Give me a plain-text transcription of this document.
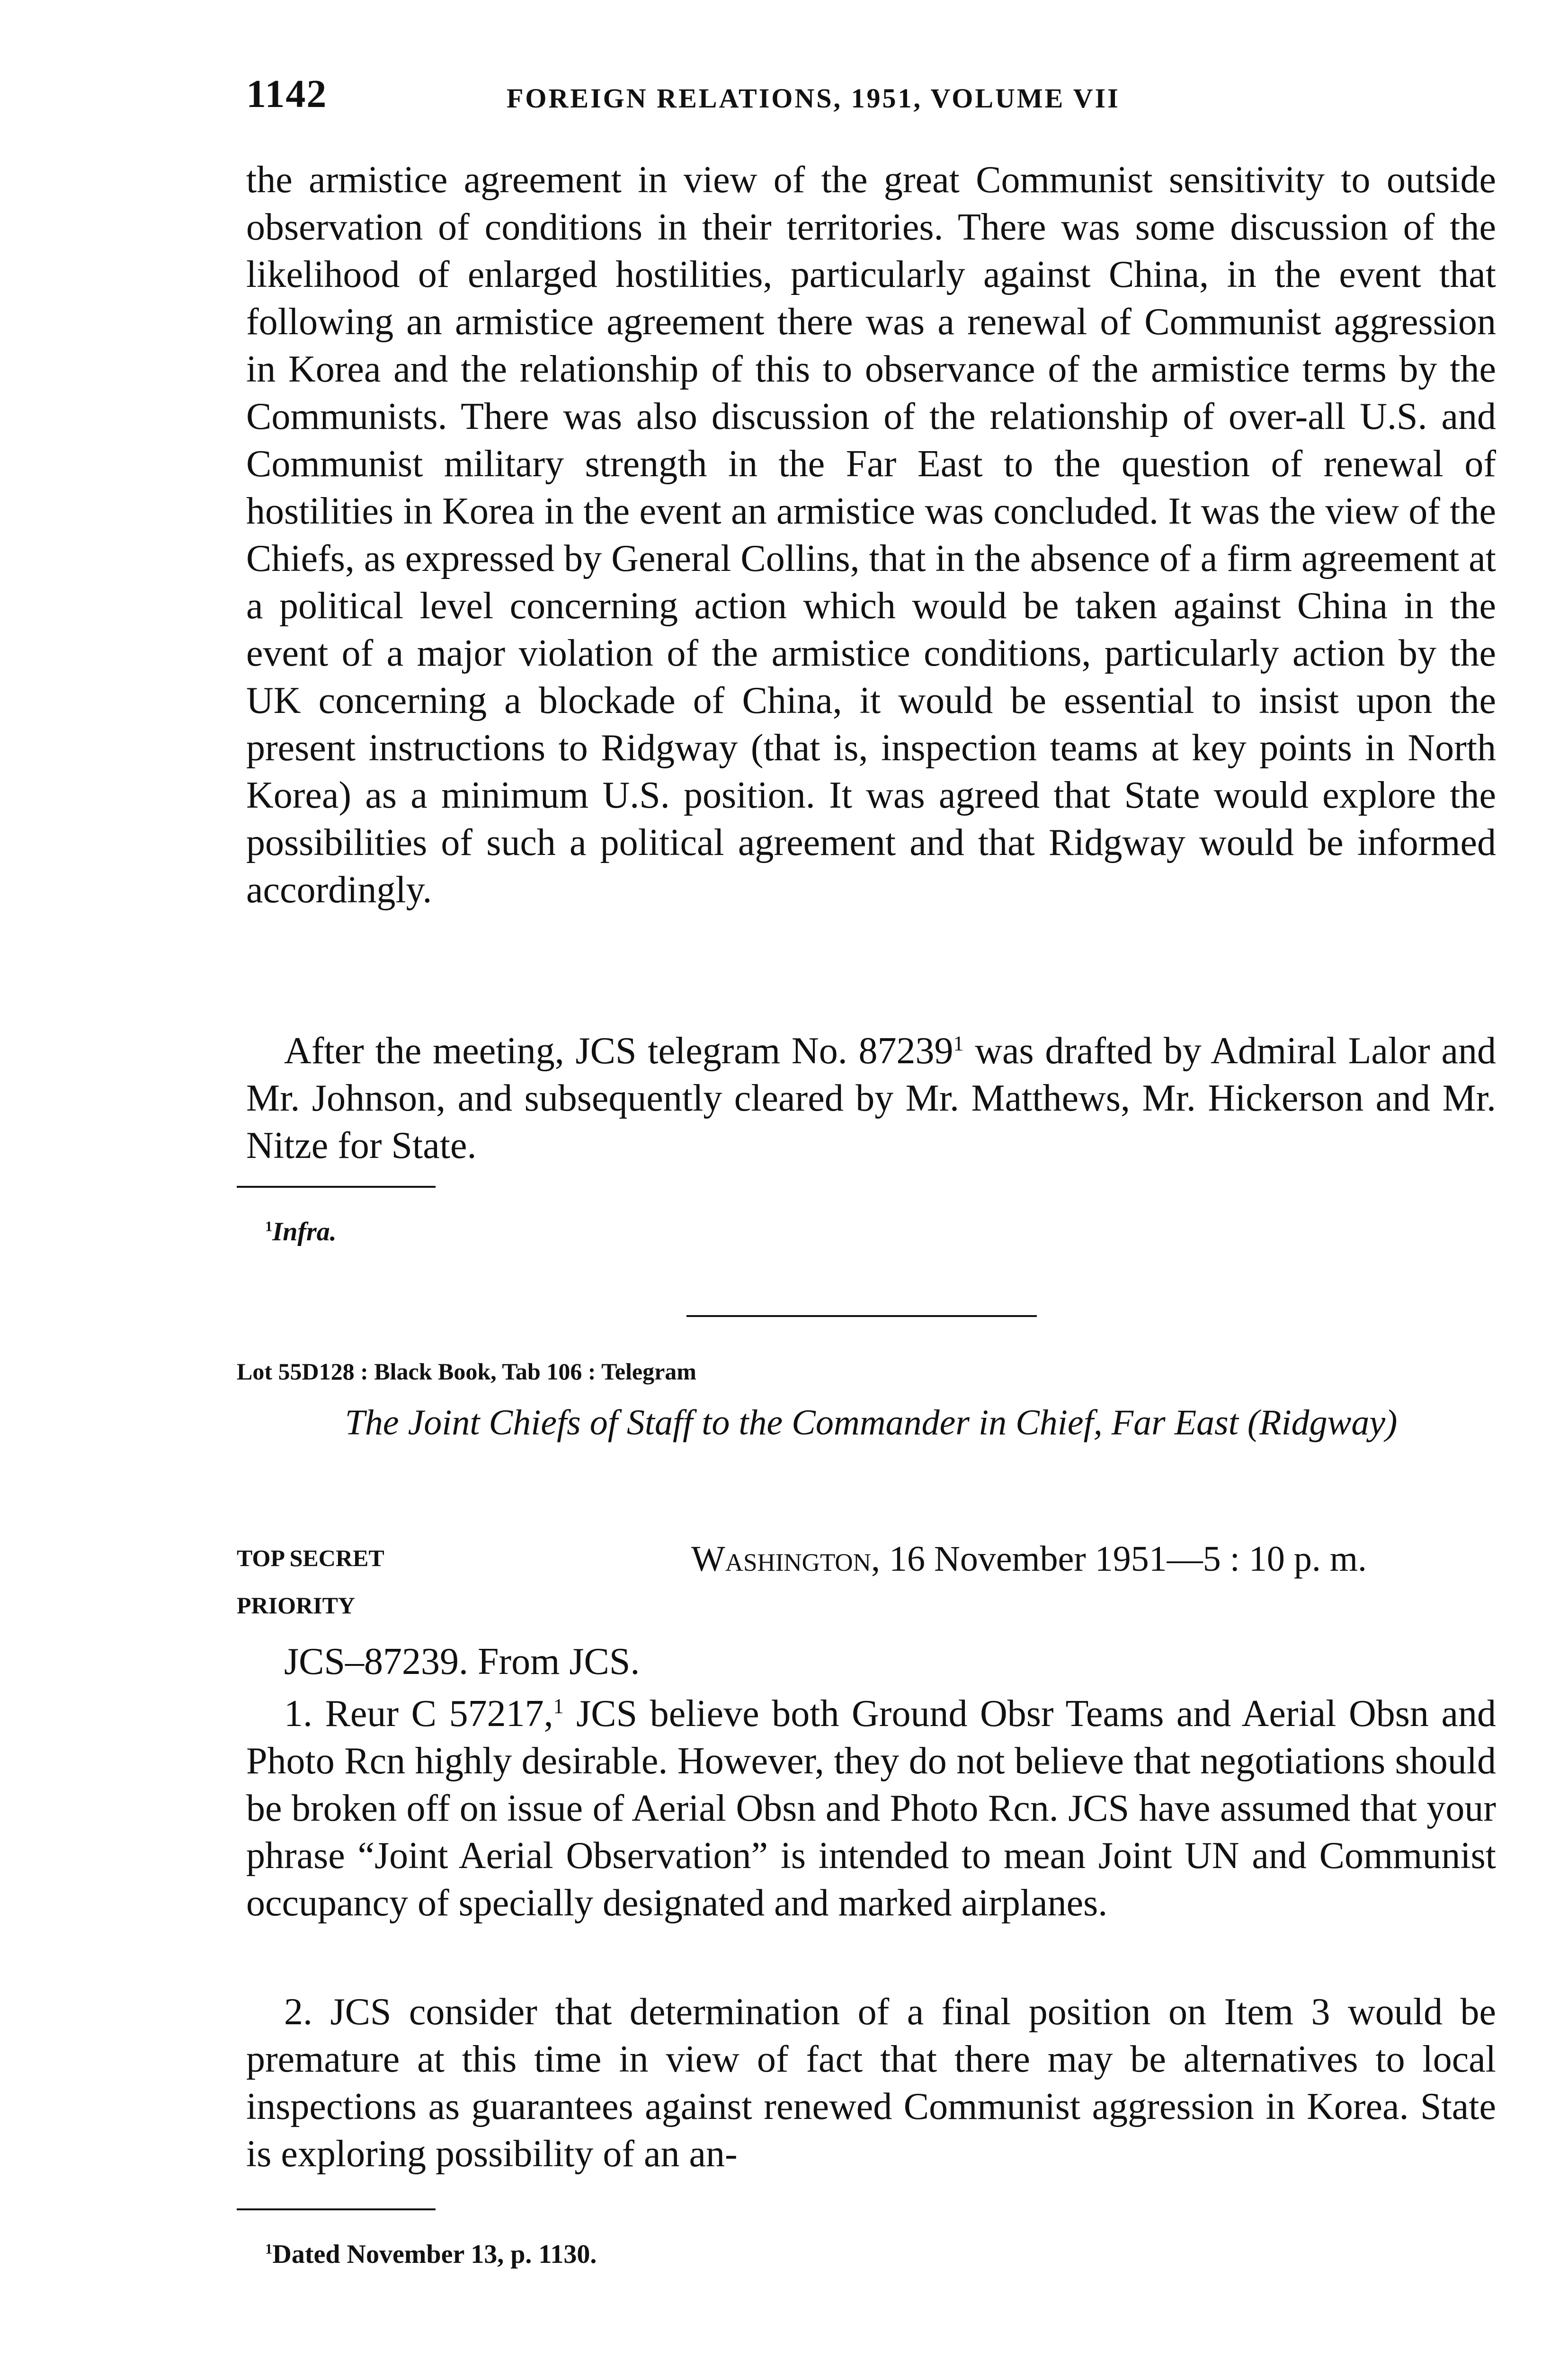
1142	FOREIGN RELATIONS, 1951, VOLUME VII

the armistice agreement in view of the great Communist sensitivity to outside observation of conditions in their territories. There was some discussion of the likelihood of enlarged hostilities, particularly against China, in the event that following an armistice agreement there was a renewal of Communist aggression in Korea and the relationship of this to observance of the armistice terms by the Communists. There was also discussion of the relationship of over-all U.S. and Communist military strength in the Far East to the question of renewal of hostilities in Korea in the event an armistice was concluded. It was the view of the Chiefs, as expressed by General Collins, that in the absence of a firm agreement at a political level concerning action which would be taken against China in the event of a major violation of the armistice conditions, particularly action by the UK concerning a blockade of China, it would be essential to insist upon the present instructions to Ridgway (that is, inspection teams at key points in North Korea) as a minimum U.S. position. It was agreed that State would explore the possibilities of such a political agreement and that Ridgway would be informed accordingly.

After the meeting, JCS telegram No. 87239$^1$ was drafted by Admiral Lalor and Mr. Johnson, and subsequently cleared by Mr. Matthews, Mr. Hickerson and Mr. Nitze for State.

$^1$Infra.

Lot 55D128 : Black Book, Tab 106 : Telegram
The Joint Chiefs of Staff to the Commander in Chief, Far East (Ridgway)
TOP SECRET
PRIORITY
Washington, 16 November 1951—5 : 10 p. m.

JCS–87239. From JCS.

1. Reur C 57217,$^1$ JCS believe both Ground Obsr Teams and Aerial Obsn and Photo Rcn highly desirable. However, they do not believe that negotiations should be broken off on issue of Aerial Obsn and Photo Rcn. JCS have assumed that your phrase “Joint Aerial Observation” is intended to mean Joint UN and Communist occupancy of specially designated and marked airplanes.

2. JCS consider that determination of a final position on Item 3 would be premature at this time in view of fact that there may be alternatives to local inspections as guarantees against renewed Communist aggression in Korea. State is exploring possibility of an an-

$^1$Dated November 13, p. 1130.
